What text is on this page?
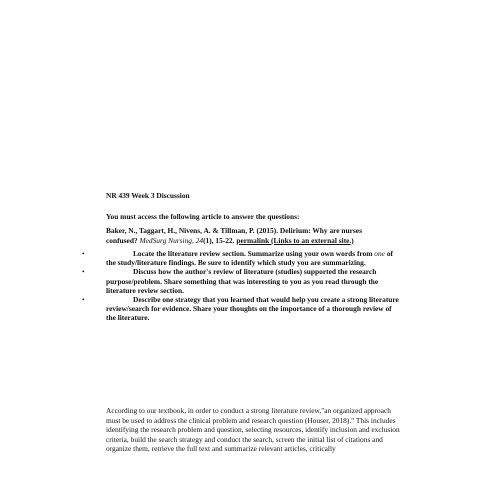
NR 439 Week 3 Discussion

You must access the following article to answer the questions:

Baker, N., Taggart, H., Nivens, A. & Tillman, P. (2015). Delirium: Why are nurses confused? MedSurg Nursing, 24(1), 15-22. permalink (Links to an external site.)

•	Locate the literature review section. Summarize using your own words from one of the study/literature findings. Be sure to identify which study you are summarizing.
•	Discuss how the author's review of literature (studies) supported the research purpose/problem. Share something that was interesting to you as you read through the literature review section.
•	Describe one strategy that you learned that would help you create a strong literature review/search for evidence. Share your thoughts on the importance of a thorough review of the literature.

According to our textbook, in order to conduct a strong literature review,"an organized approach must be used to address the clinical problem and research question (Houser, 2018)." This includes identifying the research problem and question, selecting resources, identify inclusion and exclusion criteria, build the search strategy and conduct the search, screen the initial list of citations and organize them, retrieve the full text and summarize relevant articles, critically
